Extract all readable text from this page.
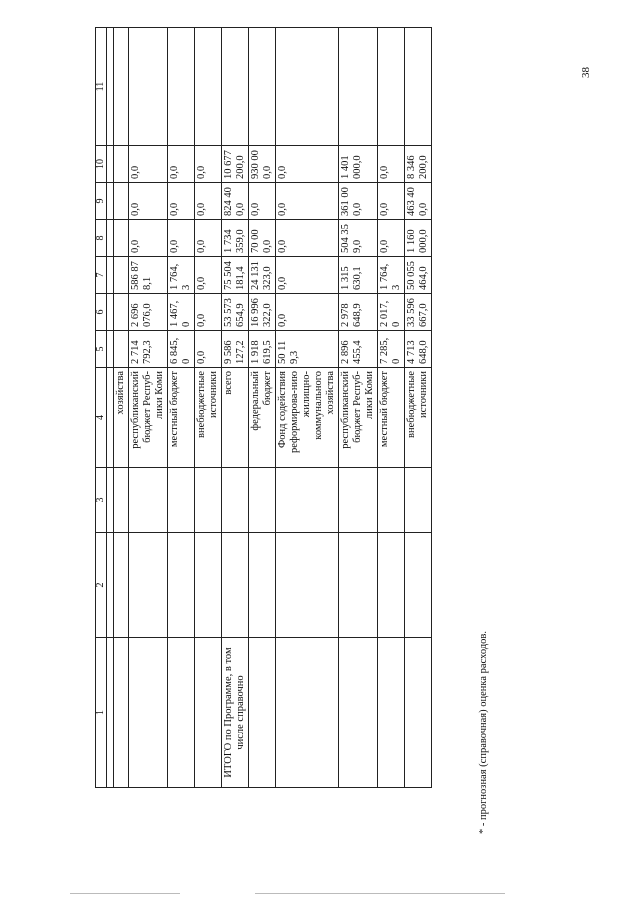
1	2	3	4	5	6	7	8	9	10	11

			хозяйства							
			республиканский бюджет Респуб-лики Коми	2 714 792,3	2 696 076,0	586 878,1	0,0	0,0	0,0	
			местный бюджет	6 845,0	1 467,0	1 764,3	0,0	0,0	0,0	
			внебюджетные источники	0,0	0,0	0,0	0,0	0,0	0,0	
ИТОГО по Программе, в том числе справочно			всего	9 586 127,2	53 573 654,9	75 504 181,4	1 734 359,0	824 400,0	10 677 200,0	
			федеральный бюджет	1 918 619,5	16 996 322,0	24 131 323,0	70 000,0	0,0	930 000,0	
			Фонд содействия реформирова-нию жилищно-коммунального хозяйства	50 119,3	0,0	0,0	0,0	0,0	0,0	
			республиканский бюджет Респуб-лики Коми	2 896 455,4	2 978 648,9	1 315 630,1	504 359,0	361 000,0	1 401 000,0	
			местный бюджет	7 285,0	2 017,0	1 764,3	0,0	0,0	0,0	
			внебюджетные источники	4 713 648,0	33 596 667,0	50 055 464,0	1 160 000,0	463 400,0	8 346 200,0	
* - прогнозная (справочная) оценка расходов.
38
